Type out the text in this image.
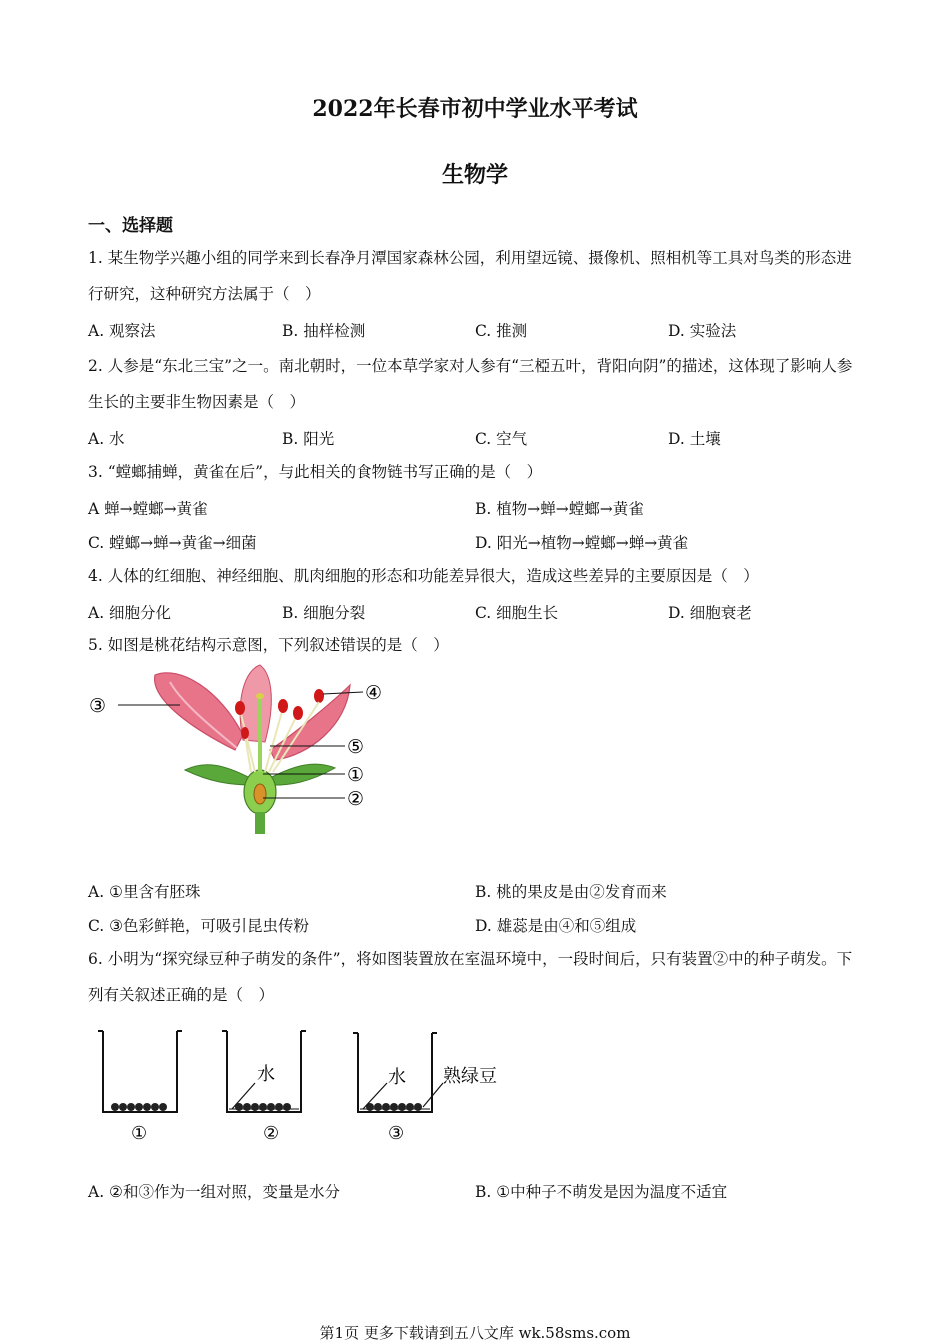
2022年长春市初中学业水平考试
生物学
一、选择题
1. 某生物学兴趣小组的同学来到长春净月潭国家森林公园，利用望远镜、摄像机、照相机等工具对鸟类的形态进行研究，这种研究方法属于（　）
A. 观察法	B. 抽样检测	C. 推测	D. 实验法
2. 人参是“东北三宝”之一。南北朝时，一位本草学家对人参有“三椏五叶，背阳向阴”的描述，这体现了影响人参生长的主要非生物因素是（　）
A. 水	B. 阳光	C. 空气	D. 土壤
3. “螳螂捕蝉，黄雀在后”，与此相关的食物链书写正确的是（　）
A 蝉→螳螂→黄雀	B. 植物→蝉→螳螂→黄雀
C. 螳螂→蝉→黄雀→细菌	D. 阳光→植物→螳螂→蝉→黄雀
4. 人体的红细胞、神经细胞、肌肉细胞的形态和功能差异很大，造成这些差异的主要原因是（　）
A. 细胞分化	B. 细胞分裂	C. 细胞生长	D. 细胞衰老
5. 如图是桃花结构示意图，下列叙述错误的是（　）
③
④
⑤
①
②
A. ①里含有胚珠	B. 桃的果皮是由②发育而来
C. ③色彩鲜艳，可吸引昆虫传粉	D. 雄蕊是由④和⑤组成
6. 小明为“探究绿豆种子萌发的条件”，将如图装置放在室温环境中，一段时间后，只有装置②中的种子萌发。下列有关叙述正确的是（　）
水	水 熟绿豆
①	②	③
A. ②和③作为一组对照，变量是水分	B. ①中种子不萌发是因为温度不适宜
第1页 更多下载请到五八文库 wk.58sms.com
